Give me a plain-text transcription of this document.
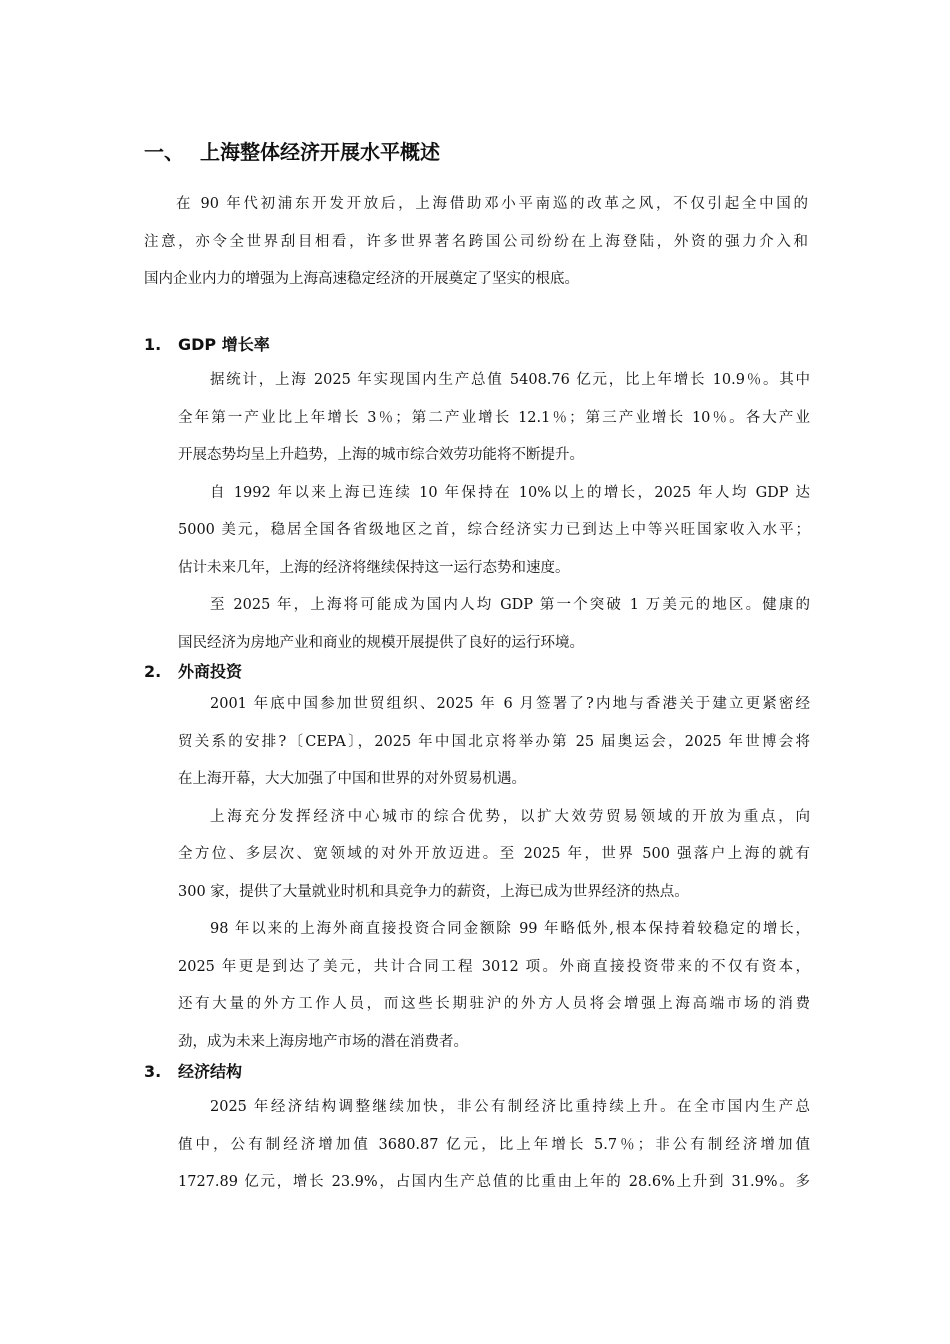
一、 上海整体经济开展水平概述
在 90 年代初浦东开发开放后，上海借助邓小平南巡的改革之风，不仅引起全中国的
注意，亦令全世界刮目相看，许多世界著名跨国公司纷纷在上海登陆，外资的强力介入和
国内企业内力的增强为上海高速稳定经济的开展奠定了坚实的根底。
1. GDP 增长率
据统计，上海 2025 年实现国内生产总值 5408.76 亿元，比上年增长 10.9％。其中
全年第一产业比上年增长 3％；第二产业增长 12.1％；第三产业增长 10％。各大产业
开展态势均呈上升趋势，上海的城市综合效劳功能将不断提升。
自 1992 年以来上海已连续 10 年保持在 10%以上的增长，2025 年人均 GDP 达
5000 美元，稳居全国各省级地区之首，综合经济实力已到达上中等兴旺国家收入水平；
估计未来几年，上海的经济将继续保持这一运行态势和速度。
至 2025 年，上海将可能成为国内人均 GDP 第一个突破 1 万美元的地区。健康的
国民经济为房地产业和商业的规模开展提供了良好的运行环境。
2. 外商投资
2001 年底中国参加世贸组织、2025 年 6 月签署了?内地与香港关于建立更紧密经
贸关系的安排?〔CEPA〕，2025 年中国北京将举办第 25 届奥运会，2025 年世博会将
在上海开幕，大大加强了中国和世界的对外贸易机遇。
上海充分发挥经济中心城市的综合优势，以扩大效劳贸易领域的开放为重点，向
全方位、多层次、宽领域的对外开放迈进。至 2025 年，世界 500 强落户上海的就有
300 家，提供了大量就业时机和具竞争力的薪资，上海已成为世界经济的热点。
98 年以来的上海外商直接投资合同金额除 99 年略低外,根本保持着较稳定的增长，
2025 年更是到达了美元，共计合同工程 3012 项。外商直接投资带来的不仅有资本，
还有大量的外方工作人员，而这些长期驻沪的外方人员将会增强上海高端市场的消费
劲，成为未来上海房地产市场的潜在消费者。
3. 经济结构
2025 年经济结构调整继续加快，非公有制经济比重持续上升。在全市国内生产总
值中，公有制经济增加值 3680.87 亿元，比上年增长 5.7％；非公有制经济增加值
1727.89 亿元，增长 23.9%，占国内生产总值的比重由上年的 28.6%上升到 31.9%。多
